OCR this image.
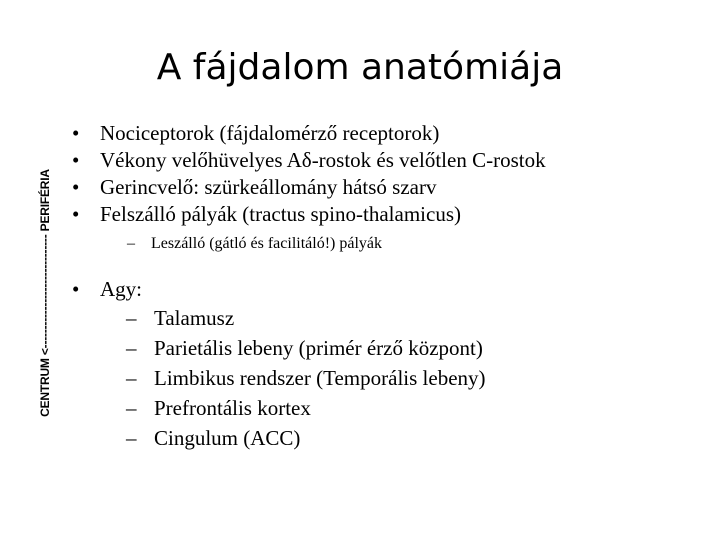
A fájdalom anatómiája
CENTRUM <------------------------------ PERIFÉRIA
• Nociceptorok (fájdalomérző receptorok)
• Vékony velőhüvelyes Aδ-rostok és velőtlen C-rostok
• Gerincvelő: szürkeállomány hátsó szarv
• Felszálló pályák (tractus spino-thalamicus)
– Leszálló (gátló és facilitáló!) pályák
• Agy:
– Talamusz
– Parietális lebeny (primér érző központ)
– Limbikus rendszer (Temporális lebeny)
– Prefrontális kortex
– Cingulum (ACC)
